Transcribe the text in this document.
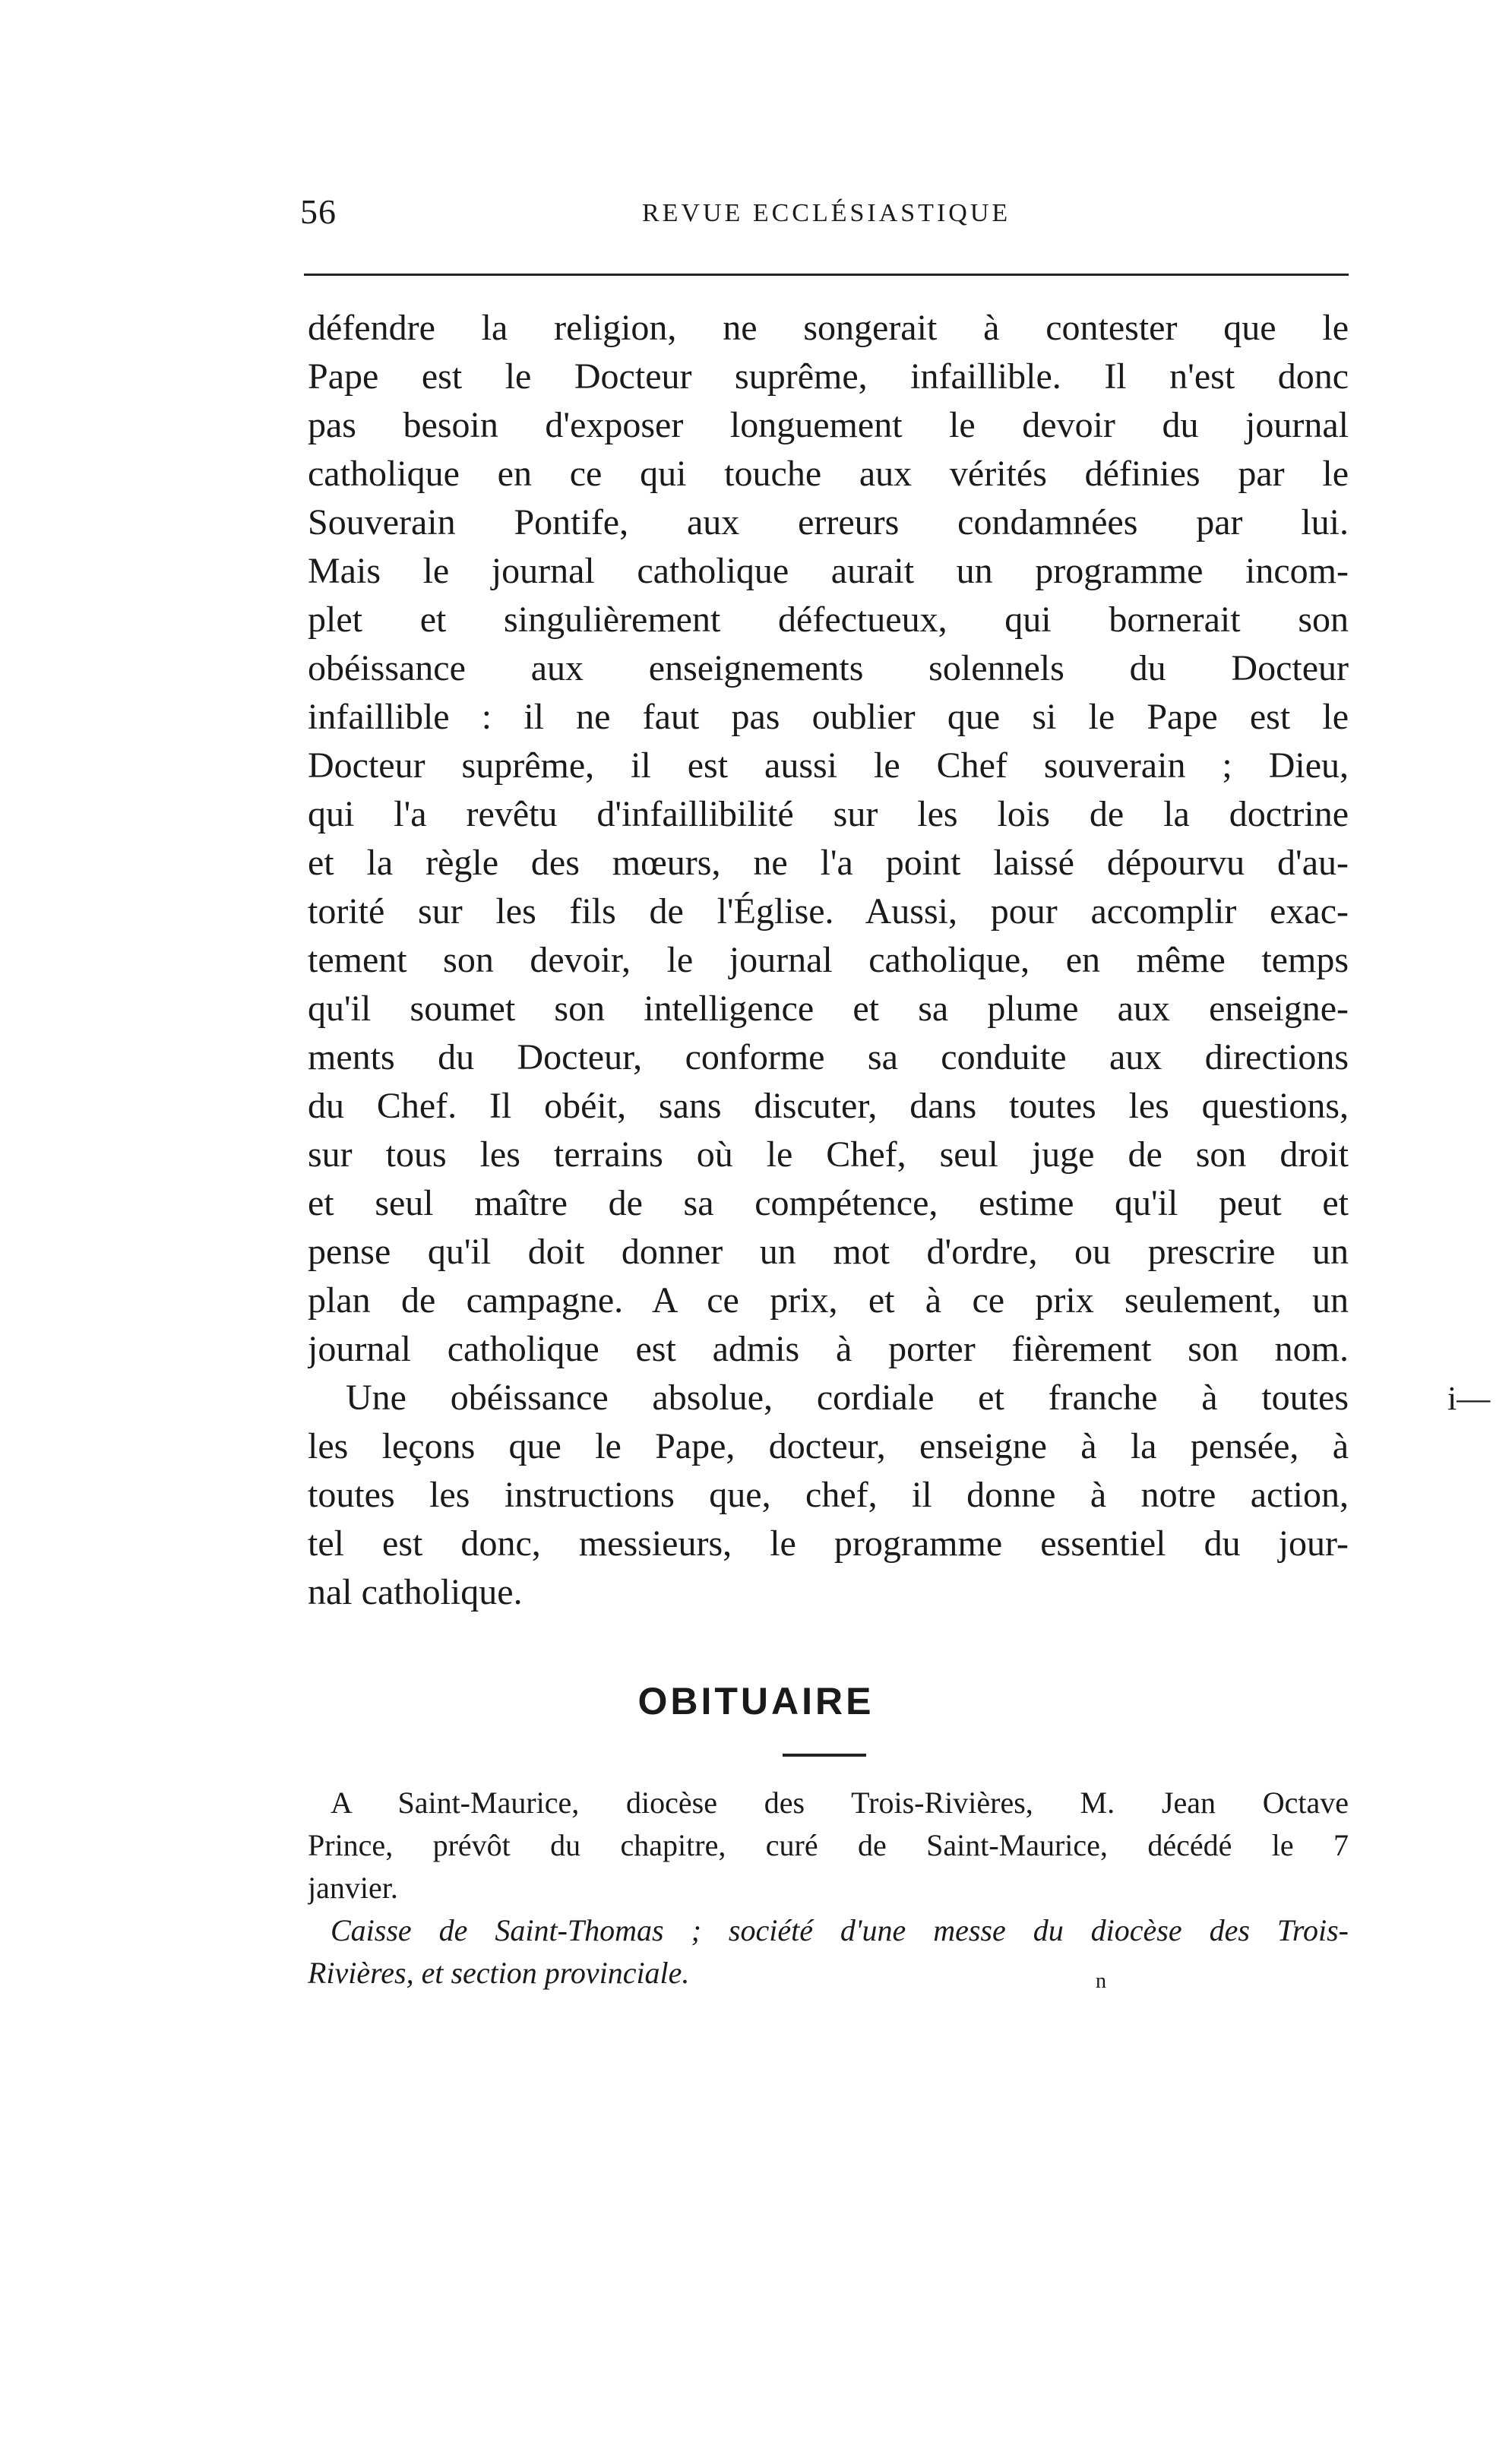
56	REVUE ECCLÉSIASTIQUE
défendre la religion, ne songerait à contester que le
Pape est le Docteur suprême, infaillible. Il n'est donc
pas besoin d'exposer longuement le devoir du journal
catholique en ce qui touche aux vérités définies par le
Souverain Pontife, aux erreurs condamnées par lui.
Mais le journal catholique aurait un programme incom-
plet et singulièrement défectueux, qui bornerait son
obéissance aux enseignements solennels du Docteur
infaillible : il ne faut pas oublier que si le Pape est le
Docteur suprême, il est aussi le Chef souverain ; Dieu,
qui l'a revêtu d'infaillibilité sur les lois de la doctrine
et la règle des mœurs, ne l'a point laissé dépourvu d'au-
torité sur les fils de l'Église. Aussi, pour accomplir exac-
tement son devoir, le journal catholique, en même temps
qu'il soumet son intelligence et sa plume aux enseigne-
ments du Docteur, conforme sa conduite aux directions
du Chef. Il obéit, sans discuter, dans toutes les questions,
sur tous les terrains où le Chef, seul juge de son droit
et seul maître de sa compétence, estime qu'il peut et
pense qu'il doit donner un mot d'ordre, ou prescrire un
plan de campagne. A ce prix, et à ce prix seulement, un
journal catholique est admis à porter fièrement son nom.
Une obéissance absolue, cordiale et franche à toutes
les leçons que le Pape, docteur, enseigne à la pensée, à
toutes les instructions que, chef, il donne à notre action,
tel est donc, messieurs, le programme essentiel du jour-
nal catholique.
OBITUAIRE
A Saint-Maurice, diocèse des Trois-Rivières, M. Jean Octave
Prince, prévôt du chapitre, curé de Saint-Maurice, décédé le 7
janvier.
Caisse de Saint-Thomas ; société d'une messe du diocèse des Trois-
Rivières, et section provinciale.
i—
n
